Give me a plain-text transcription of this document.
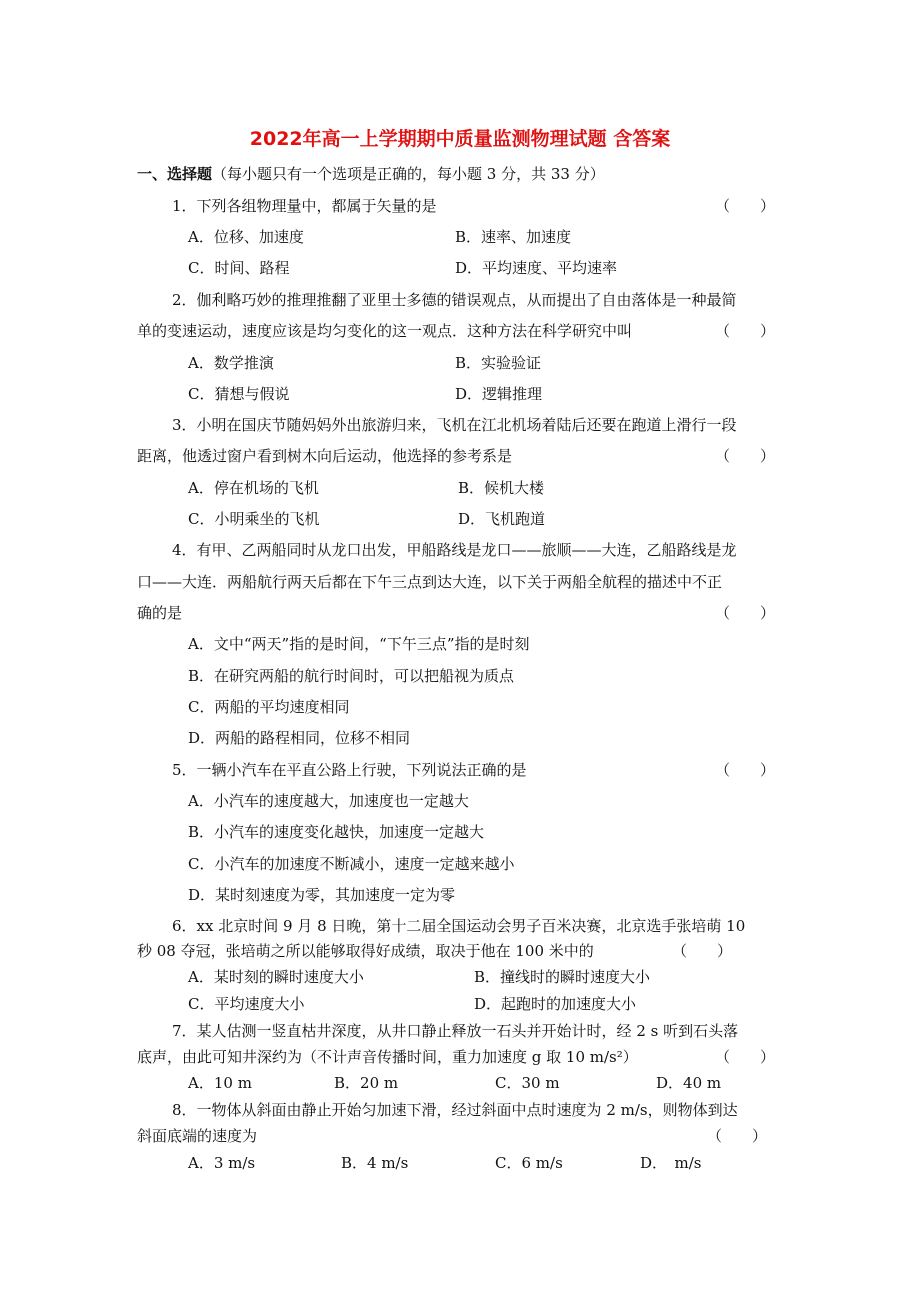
2022年高一上学期期中质量监测物理试题 含答案
一、选择题（每小题只有一个选项是正确的，每小题 3 分，共 33 分）
1．下列各组物理量中，都属于矢量的是	（　　）
A．位移、加速度	B．速率、加速度
C．时间、路程	D．平均速度、平均速率
2．伽利略巧妙的推理推翻了亚里士多德的错误观点，从而提出了自由落体是一种最简
单的变速运动，速度应该是均匀变化的这一观点．这种方法在科学研究中叫	（　　）
A．数学推演	B．实验验证
C．猜想与假说	D．逻辑推理
3．小明在国庆节随妈妈外出旅游归来，飞机在江北机场着陆后还要在跑道上滑行一段
距离，他透过窗户看到树木向后运动，他选择的参考系是	（　　）
A．停在机场的飞机	B．候机大楼
C．小明乘坐的飞机	D．飞机跑道
4．有甲、乙两船同时从龙口出发，甲船路线是龙口——旅顺——大连，乙船路线是龙
口——大连．两船航行两天后都在下午三点到达大连，以下关于两船全航程的描述中不正
确的是	（　　）
A．文中“两天”指的是时间，“下午三点”指的是时刻
B．在研究两船的航行时间时，可以把船视为质点
C．两船的平均速度相同
D．两船的路程相同，位移不相同
5．一辆小汽车在平直公路上行驶，下列说法正确的是	（　　）
A．小汽车的速度越大，加速度也一定越大
B．小汽车的速度变化越快，加速度一定越大
C．小汽车的加速度不断减小，速度一定越来越小
D．某时刻速度为零，其加速度一定为零
6．xx 北京时间 9 月 8 日晚，第十二届全国运动会男子百米决赛，北京选手张培萌 10
秒 08 夺冠，张培萌之所以能够取得好成绩，取决于他在 100 米中的	（　　）
A．某时刻的瞬时速度大小	B．撞线时的瞬时速度大小
C．平均速度大小	D．起跑时的加速度大小
7．某人估测一竖直枯井深度，从井口静止释放一石头并开始计时，经 2 s 听到石头落
底声，由此可知井深约为（不计声音传播时间，重力加速度 g 取 10 m/s²）	（　　）
A．10 m	B．20 m	C．30 m	D．40 m
8．一物体从斜面由静止开始匀加速下滑，经过斜面中点时速度为 2 m/s，则物体到达
斜面底端的速度为	（　　）
A．3 m/s	B．4 m/s	C．6 m/s	D．　m/s
